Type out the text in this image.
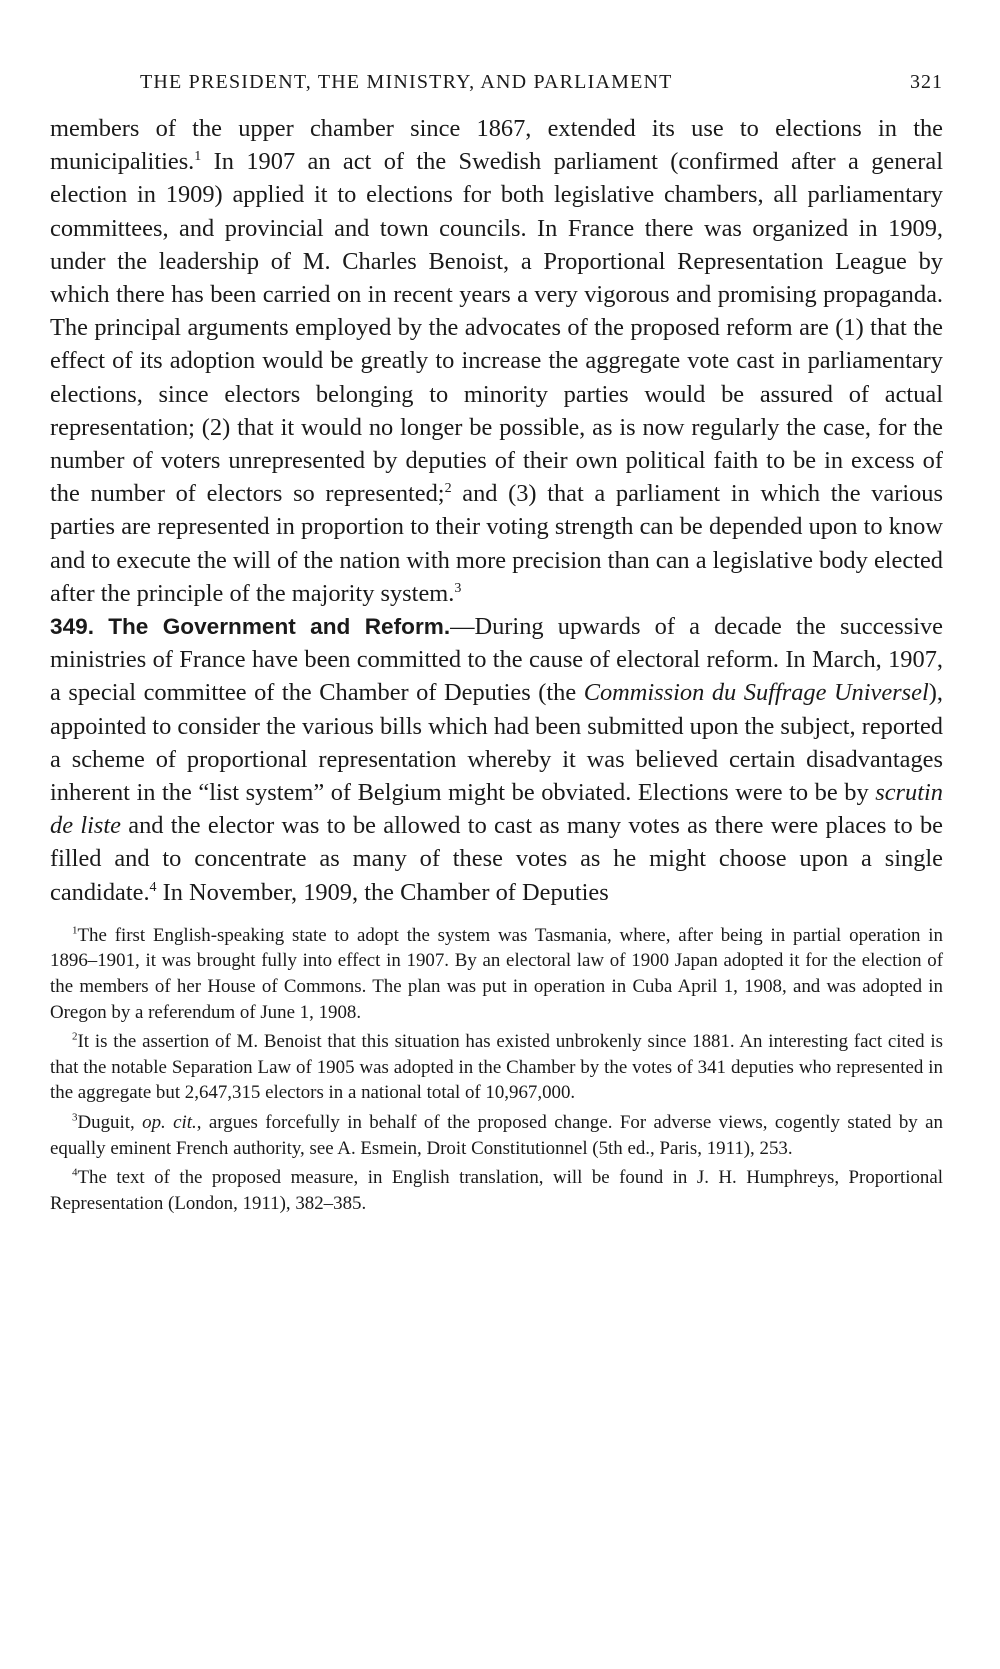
THE PRESIDENT, THE MINISTRY, AND PARLIAMENT	321

members of the upper chamber since 1867, extended its use to elections in the municipalities.$^1$ In 1907 an act of the Swedish parliament (confirmed after a general election in 1909) applied it to elections for both legislative chambers, all parliamentary committees, and provincial and town councils. In France there was organized in 1909, under the leadership of M. Charles Benoist, a Proportional Representation League by which there has been carried on in recent years a very vigorous and promising propaganda. The principal arguments employed by the advocates of the proposed reform are (1) that the effect of its adoption would be greatly to increase the aggregate vote cast in parliamentary elections, since electors belonging to minority parties would be assured of actual representation; (2) that it would no longer be possible, as is now regularly the case, for the number of voters unrepresented by deputies of their own political faith to be in excess of the number of electors so represented;$^2$ and (3) that a parliament in which the various parties are represented in proportion to their voting strength can be depended upon to know and to execute the will of the nation with more precision than can a legislative body elected after the principle of the majority system.$^3$

349. The Government and Reform.—During upwards of a decade the successive ministries of France have been committed to the cause of electoral reform. In March, 1907, a special committee of the Chamber of Deputies (the Commission du Suffrage Universel), appointed to consider the various bills which had been submitted upon the subject, reported a scheme of proportional representation whereby it was believed certain disadvantages inherent in the “list system” of Belgium might be obviated. Elections were to be by scrutin de liste and the elector was to be allowed to cast as many votes as there were places to be filled and to concentrate as many of these votes as he might choose upon a single candidate.$^4$ In November, 1909, the Chamber of Deputies

$^1$The first English-speaking state to adopt the system was Tasmania, where, after being in partial operation in 1896–1901, it was brought fully into effect in 1907. By an electoral law of 1900 Japan adopted it for the election of the members of her House of Commons. The plan was put in operation in Cuba April 1, 1908, and was adopted in Oregon by a referendum of June 1, 1908.

$^2$It is the assertion of M. Benoist that this situation has existed unbrokenly since 1881. An interesting fact cited is that the notable Separation Law of 1905 was adopted in the Chamber by the votes of 341 deputies who represented in the aggregate but 2,647,315 electors in a national total of 10,967,000.

$^3$Duguit, op. cit., argues forcefully in behalf of the proposed change. For adverse views, cogently stated by an equally eminent French authority, see A. Esmein, Droit Constitutionnel (5th ed., Paris, 1911), 253.

$^4$The text of the proposed measure, in English translation, will be found in J. H. Humphreys, Proportional Representation (London, 1911), 382–385.
